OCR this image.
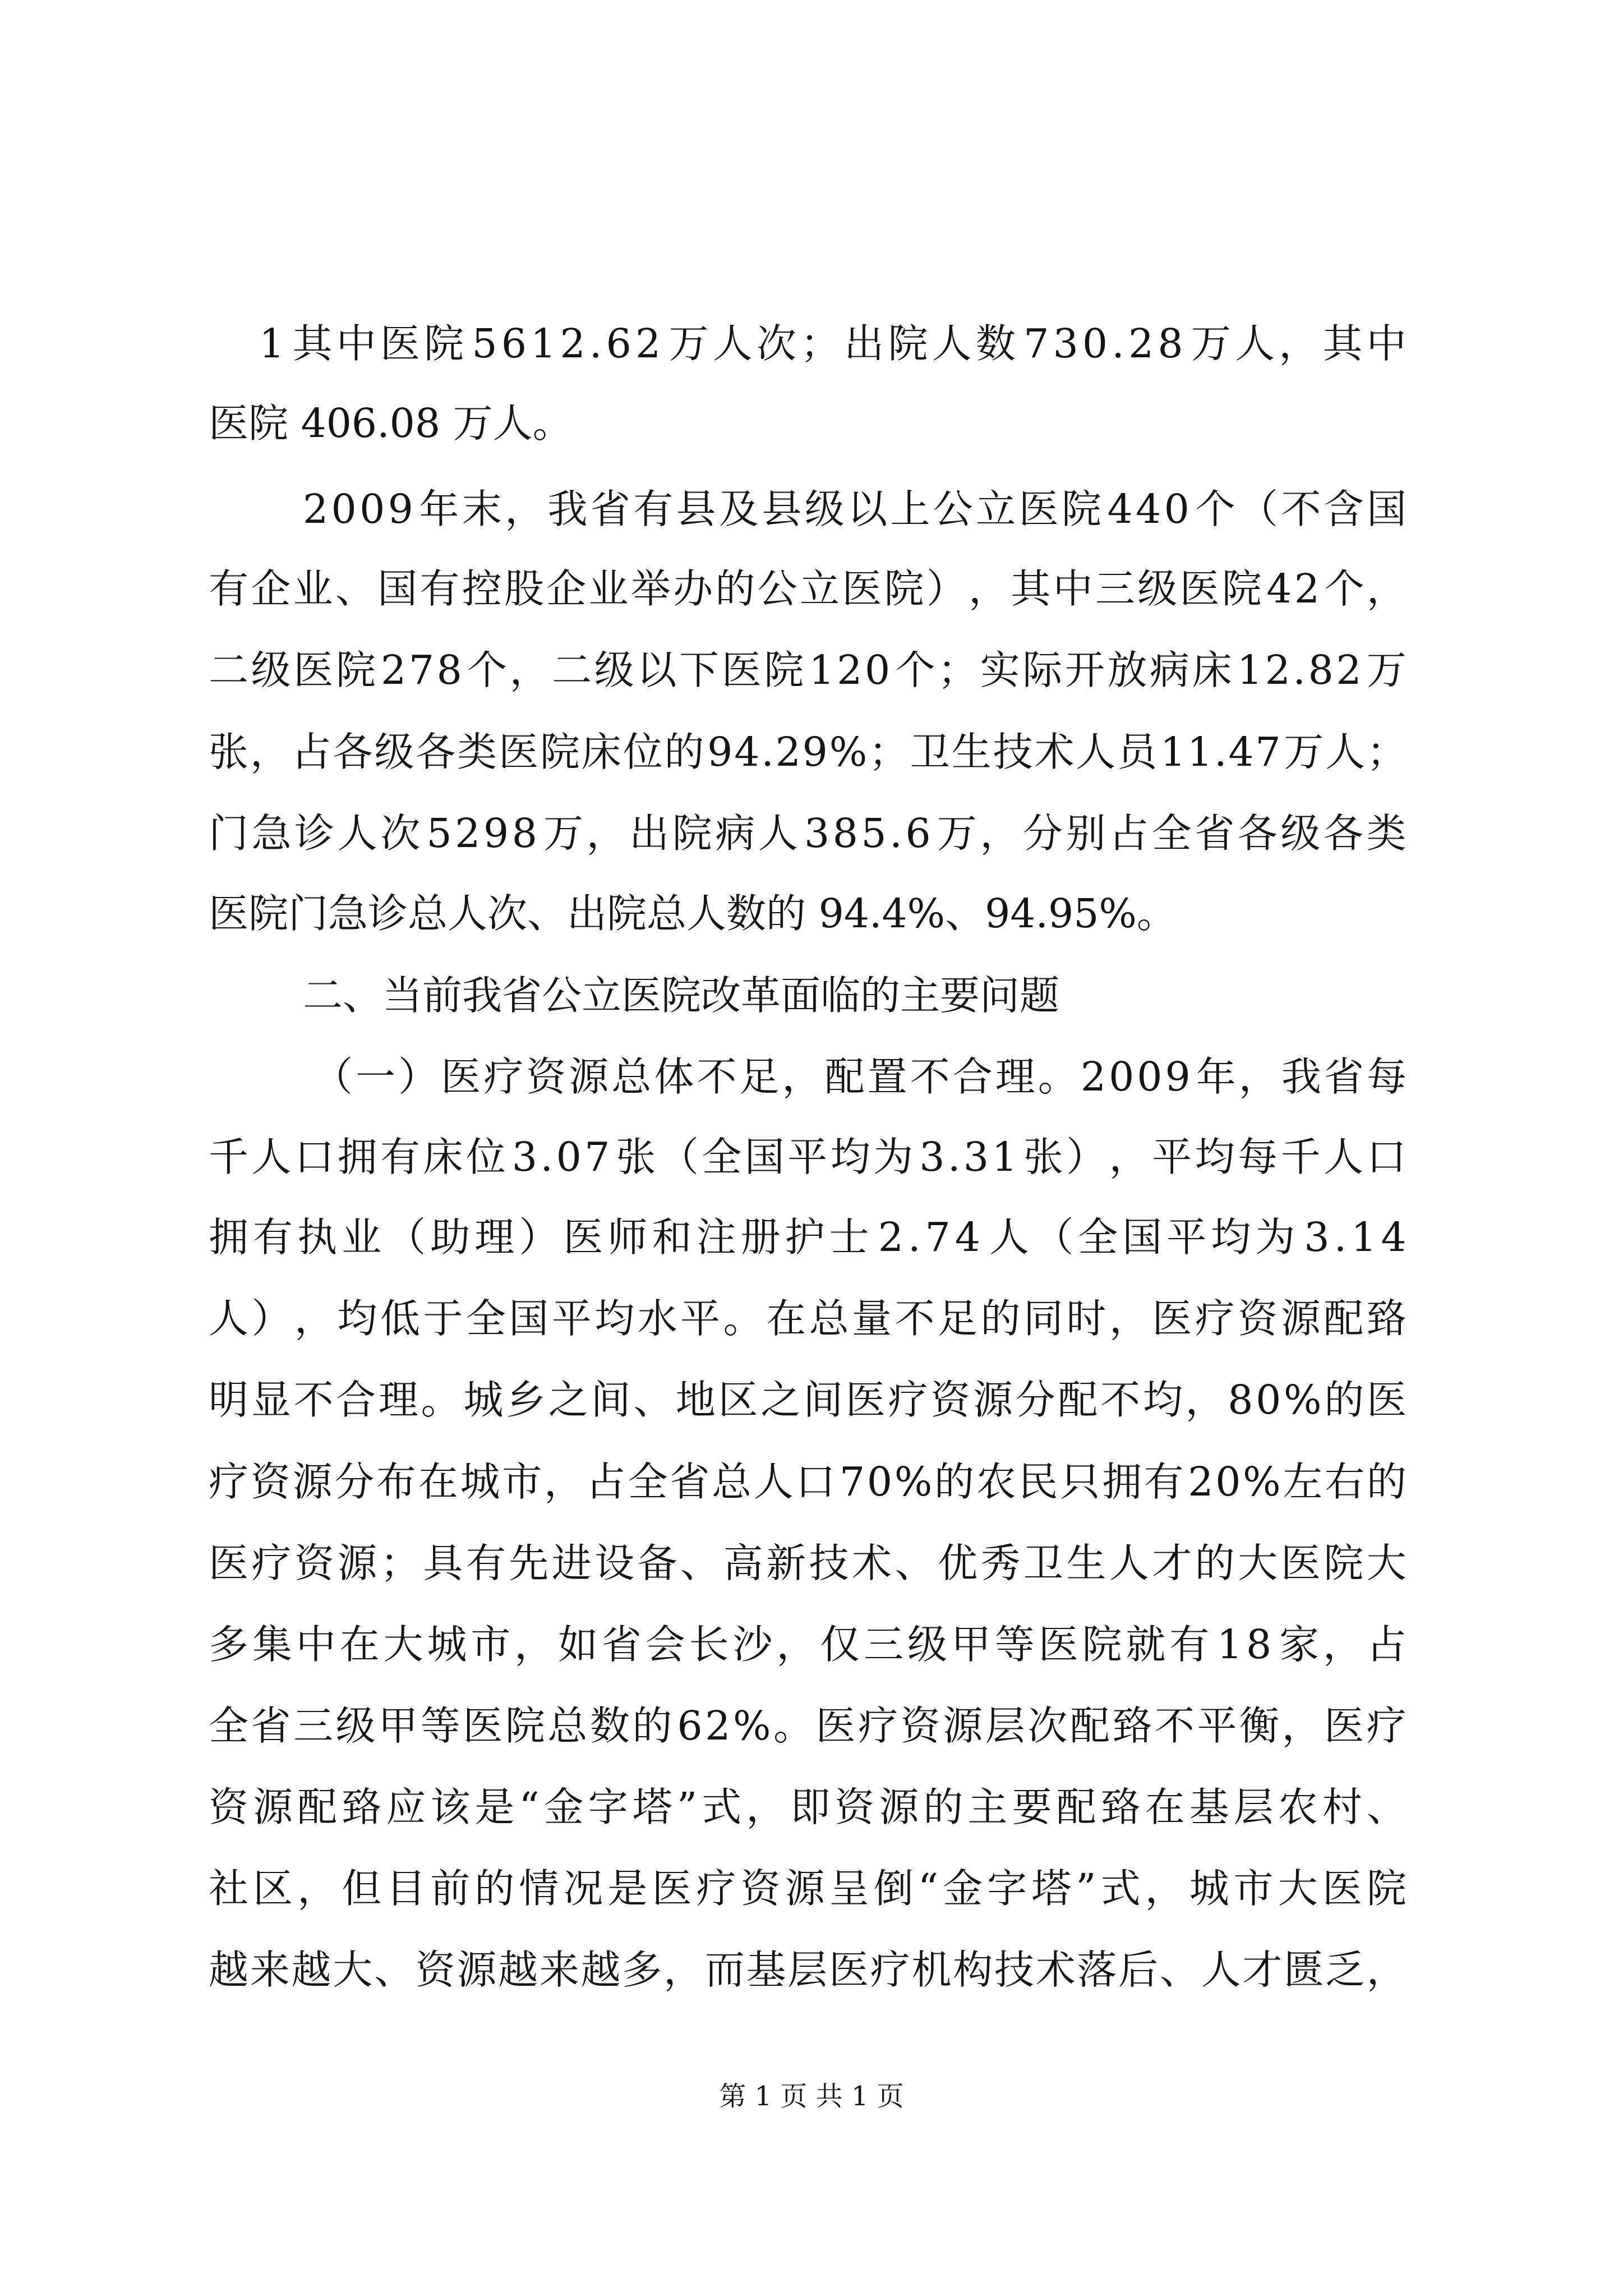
1 其 中 医 院 5 6 1 2 . 6 2 万 人 次 ； 出 院 人 数 7 3 0 . 2 8 万 人 ， 其 中

医院 406.08 万人。

2 0 0 9 年 末 ， 我 省 有 县 及 县 级 以 上 公 立 医 院 4 4 0 个 （ 不 含 国

有 企 业 、 国 有 控 股 企 业 举 办 的 公 立 医 院 ） ， 其 中 三 级 医 院 4 2 个 ，

二 级 医 院 2 7 8 个 ， 二 级 以 下 医 院 1 2 0 个 ； 实 际 开 放 病 床 1 2 . 8 2 万

张 ， 占 各 级 各 类 医 院 床 位 的 9 4 . 2 9 % ； 卫 生 技 术 人 员 1 1 . 4 7 万 人 ；

门 急 诊 人 次 5 2 9 8 万 ， 出 院 病 人 3 8 5 . 6 万 ， 分 别 占 全 省 各 级 各 类

医院门急诊总人次、出院总人数的 94.4%、94.95%。

二、当前我省公立医院改革面临的主要问题

（ 一 ） 医 疗 资 源 总 体 不 足 ， 配 置 不 合 理 。 2 0 0 9 年 ， 我 省 每

千 人 口 拥 有 床 位 3 . 0 7 张 （ 全 国 平 均 为 3 . 3 1 张 ） ， 平 均 每 千 人 口

拥 有 执 业 （ 助 理 ） 医 师 和 注 册 护 士 2 . 7 4 人 （ 全 国 平 均 为 3 . 1 4

人 ） ， 均 低 于 全 国 平 均 水 平 。 在 总 量 不 足 的 同 时 ， 医 疗 资 源 配 臵

明 显 不 合 理 。 城 乡 之 间 、 地 区 之 间 医 疗 资 源 分 配 不 均 ， 8 0 % 的 医

疗 资 源 分 布 在 城 市 ， 占 全 省 总 人 口 7 0 % 的 农 民 只 拥 有 2 0 % 左 右 的

医 疗 资 源 ； 具 有 先 进 设 备 、 高 新 技 术 、 优 秀 卫 生 人 才 的 大 医 院 大

多 集 中 在 大 城 市 ， 如 省 会 长 沙 ， 仅 三 级 甲 等 医 院 就 有 1 8 家 ， 占

全 省 三 级 甲 等 医 院 总 数 的 6 2 % 。 医 疗 资 源 层 次 配 臵 不 平 衡 ， 医 疗

资 源 配 臵 应 该 是 “ 金 字 塔 ” 式 ， 即 资 源 的 主 要 配 臵 在 基 层 农 村 、

社 区 ， 但 目 前 的 情 况 是 医 疗 资 源 呈 倒 “ 金 字 塔 ” 式 ， 城 市 大 医 院

越 来 越 大 、 资 源 越 来 越 多 ， 而 基 层 医 疗 机 构 技 术 落 后 、 人 才 匮 乏 ，

第 1 页 共 1 页
